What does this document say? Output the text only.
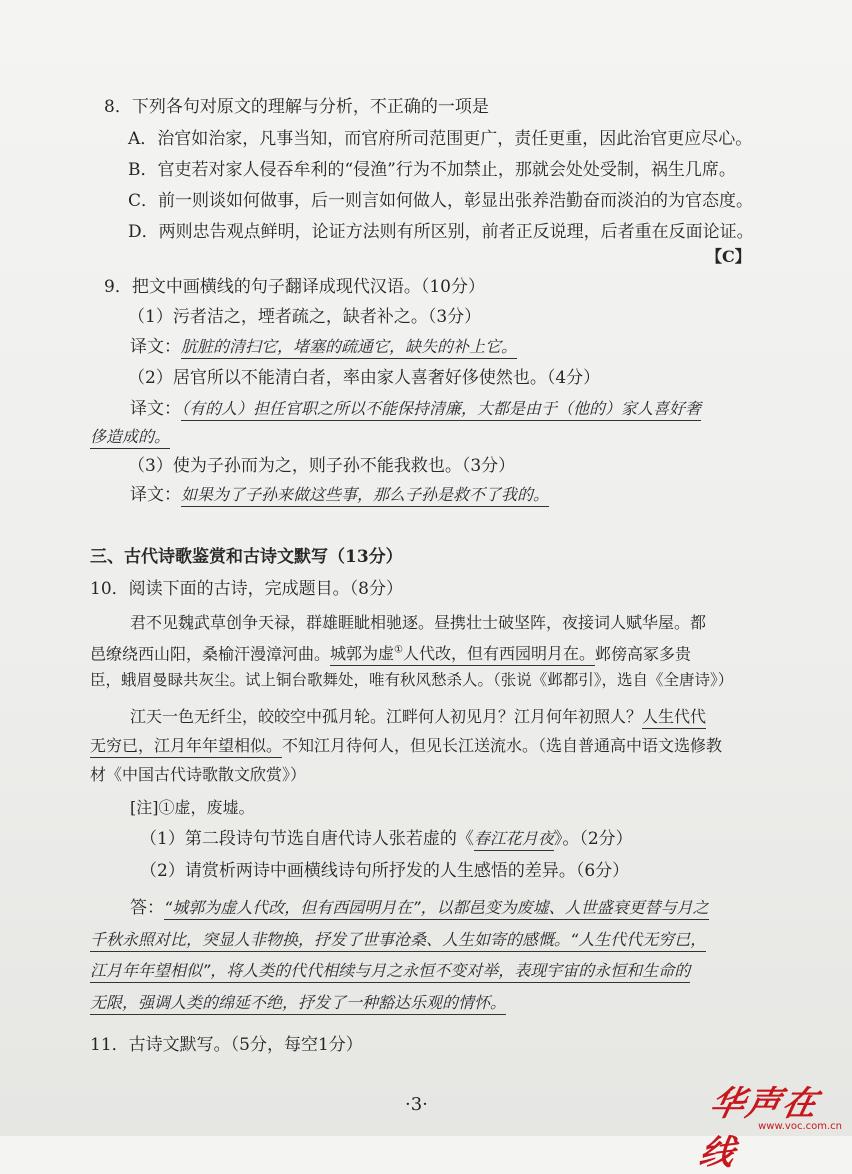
8．下列各句对原文的理解与分析，不正确的一项是
A．治官如治家，凡事当知，而官府所司范围更广，责任更重，因此治官更应尽心。
B．官吏若对家人侵吞牟利的“侵渔”行为不加禁止，那就会处处受制，祸生几席。
C．前一则谈如何做事，后一则言如何做人，彰显出张养浩勤奋而淡泊的为官态度。
D．两则忠告观点鲜明，论证方法则有所区别，前者正反说理，后者重在反面论证。
【C】
9．把文中画横线的句子翻译成现代汉语。（10分）
（1）污者洁之，堙者疏之，缺者补之。（3分）
译文：肮脏的清扫它，堵塞的疏通它，缺失的补上它。
（2）居官所以不能清白者，率由家人喜奢好侈使然也。（4分）
译文：（有的人）担任官职之所以不能保持清廉，大都是由于（他的）家人喜好奢
侈造成的。
（3）使为子孙而为之，则子孙不能我救也。（3分）
译文：如果为了子孙来做这些事，那么子孙是救不了我的。
三、古代诗歌鉴赏和古诗文默写（13分）
10．阅读下面的古诗，完成题目。（8分）
君不见魏武草创争天禄，群雄睚眦相驰逐。昼携壮士破坚阵，夜接词人赋华屋。都
邑缭绕西山阳，桑榆汗漫漳河曲。城郭为虚①人代改，但有西园明月在。邺傍高冢多贵
臣，蛾眉曼睩共灰尘。试上铜台歌舞处，唯有秋风愁杀人。（张说《邺都引》，选自《全唐诗》）
江天一色无纤尘，皎皎空中孤月轮。江畔何人初见月？江月何年初照人？人生代代
无穷已，江月年年望相似。不知江月待何人，但见长江送流水。（选自普通高中语文选修教
材《中国古代诗歌散文欣赏》）
[注]①虚，废墟。
（1）第二段诗句节选自唐代诗人张若虚的《春江花月夜》。（2分）
（2）请赏析两诗中画横线诗句所抒发的人生感悟的差异。（6分）
答：“城郭为虚人代改，但有西园明月在”，以都邑变为废墟、人世盛衰更替与月之
千秋永照对比，突显人非物换，抒发了世事沧桑、人生如寄的感慨。“人生代代无穷已，
江月年年望相似”，将人类的代代相续与月之永恒不变对举，表现宇宙的永恒和生命的
无限，强调人类的绵延不绝，抒发了一种豁达乐观的情怀。
11．古诗文默写。（5分，每空1分）
·3·	华声在线
www.voc.com.cn
